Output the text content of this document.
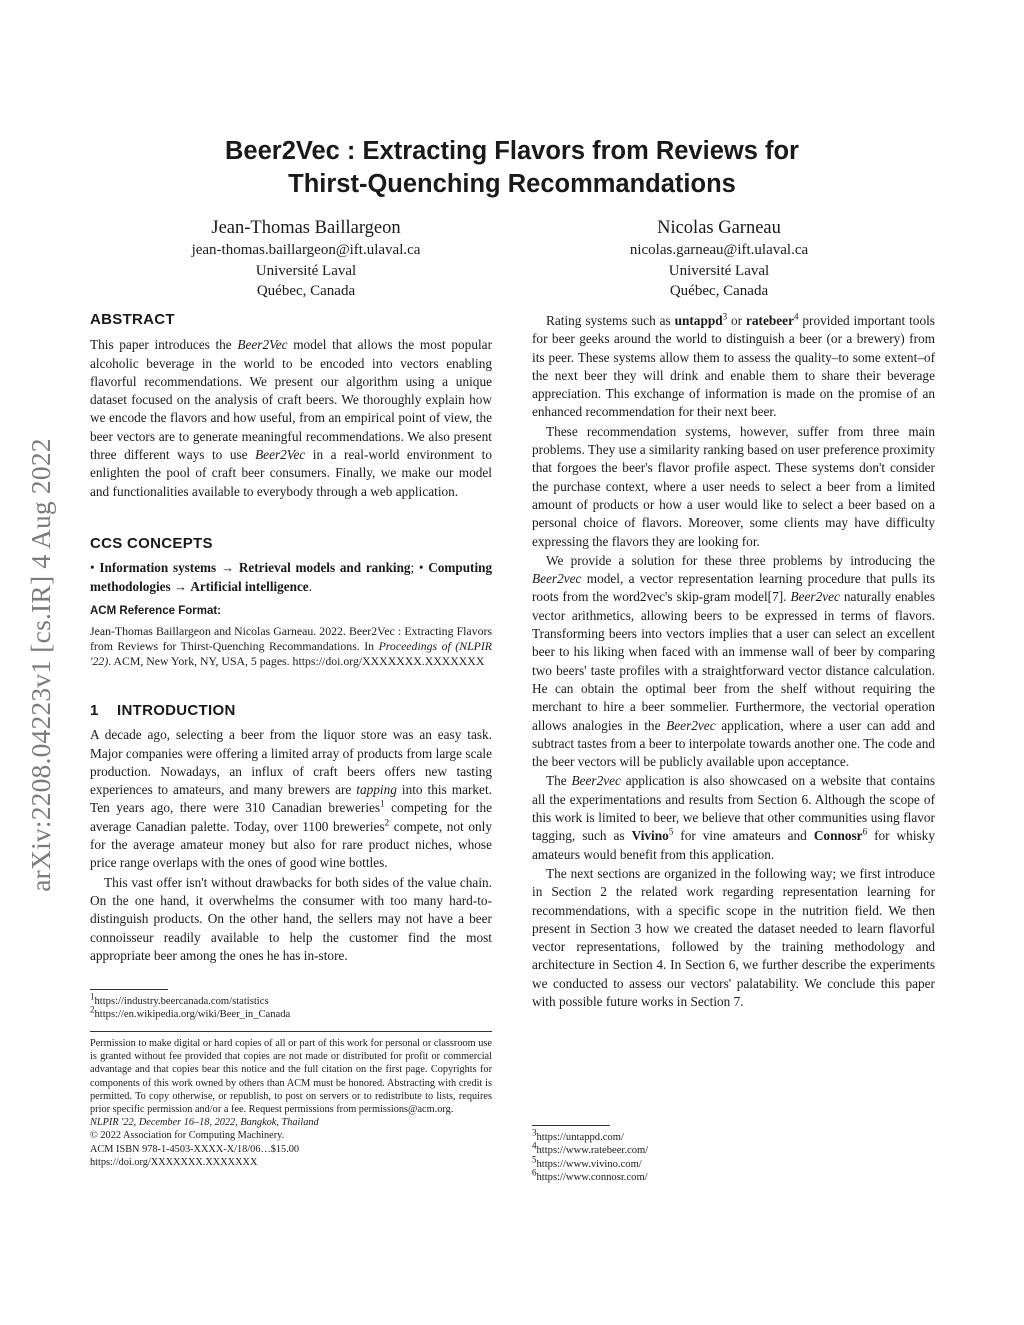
arXiv:2208.04223v1 [cs.IR] 4 Aug 2022
Beer2Vec : Extracting Flavors from Reviews for
Thirst-Quenching Recommandations
Jean-Thomas Baillargeon
jean-thomas.baillargeon@ift.ulaval.ca
Université Laval
Québec, Canada
Nicolas Garneau
nicolas.garneau@ift.ulaval.ca
Université Laval
Québec, Canada
ABSTRACT

This paper introduces the Beer2Vec model that allows the most popular alcoholic beverage in the world to be encoded into vectors enabling flavorful recommendations. We present our algorithm using a unique dataset focused on the analysis of craft beers. We thoroughly explain how we encode the flavors and how useful, from an empirical point of view, the beer vectors are to generate meaningful recommendations. We also present three different ways to use Beer2Vec in a real-world environment to enlighten the pool of craft beer consumers. Finally, we make our model and functionalities available to everybody through a web application.

CCS CONCEPTS
• Information systems → Retrieval models and ranking; • Computing methodologies → Artificial intelligence.
ACM Reference Format:
Jean-Thomas Baillargeon and Nicolas Garneau. 2022. Beer2Vec : Extracting Flavors from Reviews for Thirst-Quenching Recommandations. In Proceedings of (NLPIR '22). ACM, New York, NY, USA, 5 pages. https://doi.org/XXXXXXX.XXXXXXX
1 INTRODUCTION

A decade ago, selecting a beer from the liquor store was an easy task. Major companies were offering a limited array of products from large scale production. Nowadays, an influx of craft beers offers new tasting experiences to amateurs, and many brewers are tapping into this market. Ten years ago, there were 310 Canadian breweries$^1$ competing for the average Canadian palette. Today, over 1100 breweries$^2$ compete, not only for the average amateur money but also for rare product niches, whose price range overlaps with the ones of good wine bottles.

This vast offer isn't without drawbacks for both sides of the value chain. On the one hand, it overwhelms the consumer with too many hard-to-distinguish products. On the other hand, the sellers may not have a beer connoisseur readily available to help the customer find the most appropriate beer among the ones he has in-store.

$^1$https://industry.beercanada.com/statistics
$^2$https://en.wikipedia.org/wiki/Beer_in_Canada
Permission to make digital or hard copies of all or part of this work for personal or classroom use is granted without fee provided that copies are not made or distributed for profit or commercial advantage and that copies bear this notice and the full citation on the first page. Copyrights for components of this work owned by others than ACM must be honored. Abstracting with credit is permitted. To copy otherwise, or republish, to post on servers or to redistribute to lists, requires prior specific permission and/or a fee. Request permissions from permissions@acm.org.
NLPIR '22, December 16–18, 2022, Bangkok, Thailand
© 2022 Association for Computing Machinery.
ACM ISBN 978-1-4503-XXXX-X/18/06…$15.00
https://doi.org/XXXXXXX.XXXXXXX

Rating systems such as untappd$^3$ or ratebeer$^4$ provided important tools for beer geeks around the world to distinguish a beer (or a brewery) from its peer. These systems allow them to assess the quality–to some extent–of the next beer they will drink and enable them to share their beverage appreciation. This exchange of information is made on the promise of an enhanced recommendation for their next beer.

These recommendation systems, however, suffer from three main problems. They use a similarity ranking based on user preference proximity that forgoes the beer's flavor profile aspect. These systems don't consider the purchase context, where a user needs to select a beer from a limited amount of products or how a user would like to select a beer based on a personal choice of flavors. Moreover, some clients may have difficulty expressing the flavors they are looking for.

We provide a solution for these three problems by introducing the Beer2vec model, a vector representation learning procedure that pulls its roots from the word2vec's skip-gram model[7]. Beer2vec naturally enables vector arithmetics, allowing beers to be expressed in terms of flavors. Transforming beers into vectors implies that a user can select an excellent beer to his liking when faced with an immense wall of beer by comparing two beers' taste profiles with a straightforward vector distance calculation. He can obtain the optimal beer from the shelf without requiring the merchant to hire a beer sommelier. Furthermore, the vectorial operation allows analogies in the Beer2vec application, where a user can add and subtract tastes from a beer to interpolate towards another one. The code and the beer vectors will be publicly available upon acceptance.

The Beer2vec application is also showcased on a website that contains all the experimentations and results from Section 6. Although the scope of this work is limited to beer, we believe that other communities using flavor tagging, such as Vivino$^5$ for vine amateurs and Connosr$^6$ for whisky amateurs would benefit from this application.

The next sections are organized in the following way; we first introduce in Section 2 the related work regarding representation learning for recommendations, with a specific scope in the nutrition field. We then present in Section 3 how we created the dataset needed to learn flavorful vector representations, followed by the training methodology and architecture in Section 4. In Section 6, we further describe the experiments we conducted to assess our vectors' palatability. We conclude this paper with possible future works in Section 7.

$^3$https://untappd.com/
$^4$https://www.ratebeer.com/
$^5$https://www.vivino.com/
$^6$https://www.connosr.com/
